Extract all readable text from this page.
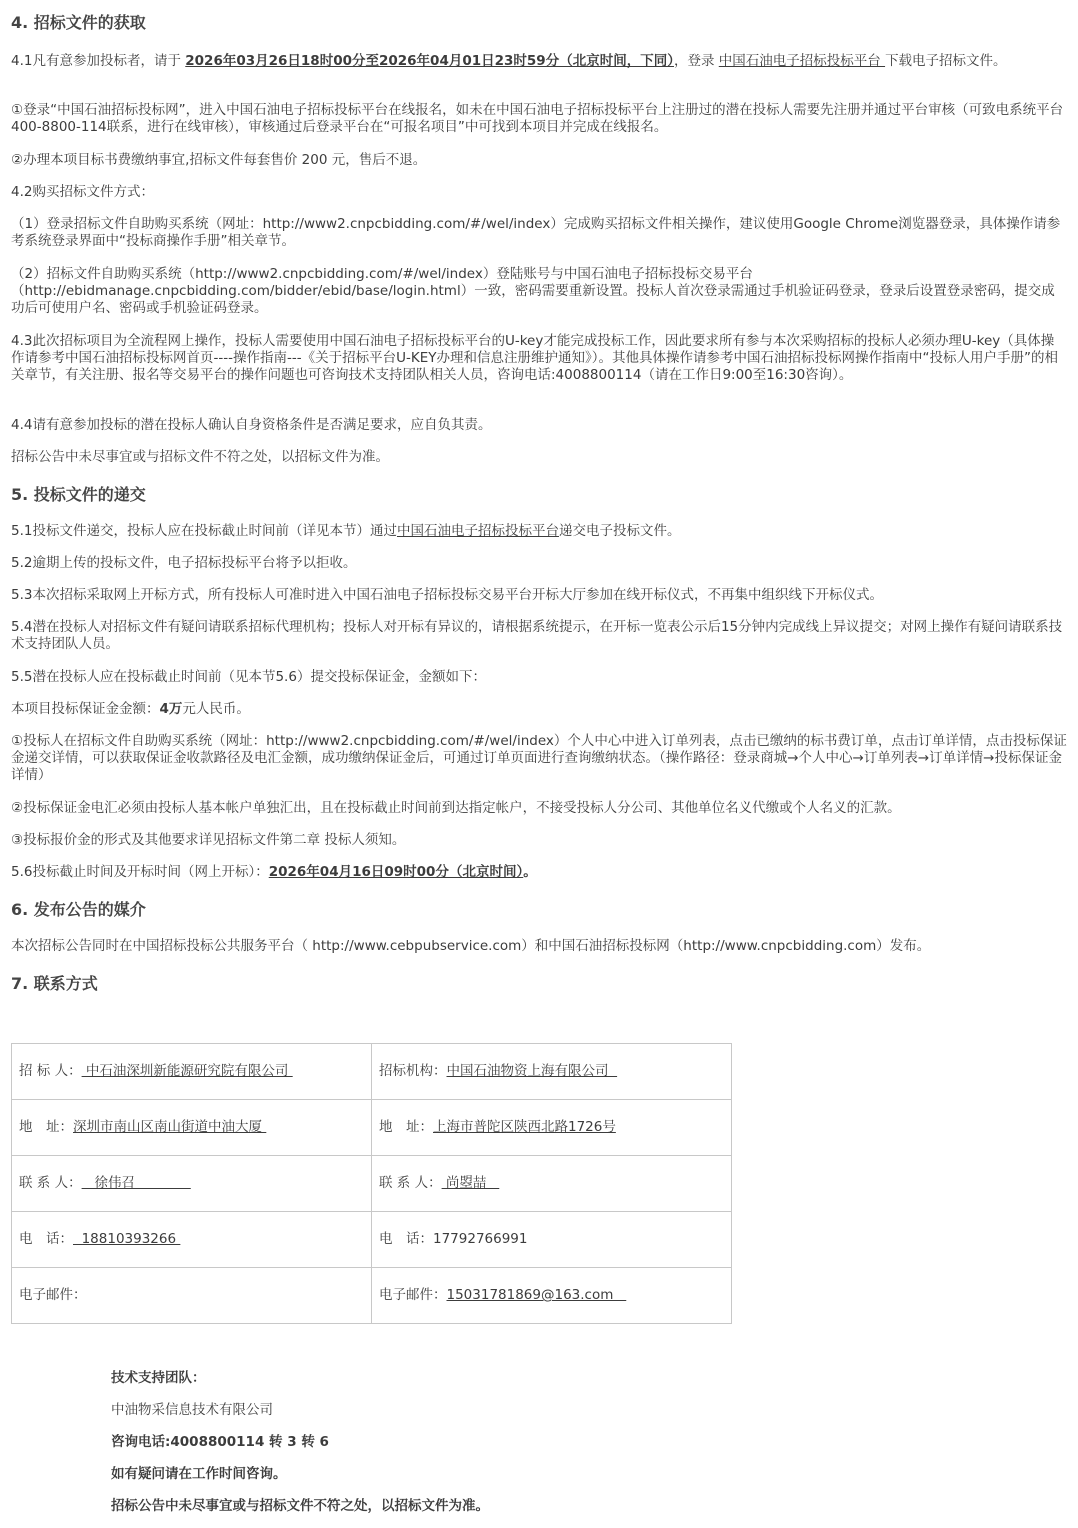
4. 招标文件的获取

4.1凡有意参加投标者，请于 2026年03月26日18时00分至2026年04月01日23时59分（北京时间，下同），登录 中国石油电子招标投标平台 下载电子招标文件。

①登录“中国石油招标投标网”，进入中国石油电子招标投标平台在线报名，如未在中国石油电子招标投标平台上注册过的潜在投标人需要先注册并通过平台审核（可致电系统平台400-8800-114联系，进行在线审核），审核通过后登录平台在“可报名项目”中可找到本项目并完成在线报名。

②办理本项目标书费缴纳事宜,招标文件每套售价 200 元，售后不退。

4.2购买招标文件方式：

（1）登录招标文件自助购买系统（网址：http://www2.cnpcbidding.com/#/wel/index）完成购买招标文件相关操作，建议使用Google Chrome浏览器登录，具体操作请参考系统登录界面中“投标商操作手册”相关章节。

（2）招标文件自助购买系统（http://www2.cnpcbidding.com/#/wel/index）登陆账号与中国石油电子招标投标交易平台（http://ebidmanage.cnpcbidding.com/bidder/ebid/base/login.html）一致，密码需要重新设置。投标人首次登录需通过手机验证码登录，登录后设置登录密码，提交成功后可使用户名、密码或手机验证码登录。

4.3此次招标项目为全流程网上操作，投标人需要使用中国石油电子招标投标平台的U-key才能完成投标工作，因此要求所有参与本次采购招标的投标人必须办理U-key（具体操作请参考中国石油招标投标网首页----操作指南---《关于招标平台U-KEY办理和信息注册维护通知》）。其他具体操作请参考中国石油招标投标网操作指南中“投标人用户手册”的相关章节，有关注册、报名等交易平台的操作问题也可咨询技术支持团队相关人员，咨询电话:4008800114（请在工作日9:00至16:30咨询）。

4.4请有意参加投标的潜在投标人确认自身资格条件是否满足要求，应自负其责。

招标公告中未尽事宜或与招标文件不符之处，以招标文件为准。

5. 投标文件的递交

5.1投标文件递交，投标人应在投标截止时间前（详见本节）通过中国石油电子招标投标平台递交电子投标文件。

5.2逾期上传的投标文件，电子招标投标平台将予以拒收。

5.3本次招标采取网上开标方式，所有投标人可准时进入中国石油电子招标投标交易平台开标大厅参加在线开标仪式，不再集中组织线下开标仪式。

5.4潜在投标人对招标文件有疑问请联系招标代理机构；投标人对开标有异议的，请根据系统提示，在开标一览表公示后15分钟内完成线上异议提交；对网上操作有疑问请联系技术支持团队人员。

5.5潜在投标人应在投标截止时间前（见本节5.6）提交投标保证金，金额如下：

本项目投标保证金金额：4万元人民币。

①投标人在招标文件自助购买系统（网址：http://www2.cnpcbidding.com/#/wel/index）个人中心中进入订单列表，点击已缴纳的标书费订单，点击订单详情，点击投标保证金递交详情，可以获取保证金收款路径及电汇金额，成功缴纳保证金后，可通过订单页面进行查询缴纳状态。（操作路径：登录商城→个人中心→订单列表→订单详情→投标保证金详情）

②投标保证金电汇必须由投标人基本帐户单独汇出，且在投标截止时间前到达指定帐户，不接受投标人分公司、其他单位名义代缴或个人名义的汇款。

③投标报价金的形式及其他要求详见招标文件第二章 投标人须知。

5.6投标截止时间及开标时间（网上开标）：2026年04月16日09时00分（北京时间）。

6. 发布公告的媒介

本次招标公告同时在中国招标投标公共服务平台（ http://www.cebpubservice.com）和中国石油招标投标网（http://www.cnpcbidding.com）发布。

7. 联系方式
招 标 人： 中石油深圳新能源研究院有限公司	招标机构：中国石油物资上海有限公司
地　址：深圳市南山区南山街道中油大厦	地　址：上海市普陀区陕西北路1726号
联 系 人：   徐伟召	联 系 人： 尚曌喆
电　话：  18810393266	电　话：17792766991
电子邮件：	电子邮件：15031781869@163.com

技术支持团队：

中油物采信息技术有限公司

咨询电话:4008800114 转 3 转 6

如有疑问请在工作时间咨询。

招标公告中未尽事宜或与招标文件不符之处，以招标文件为准。
